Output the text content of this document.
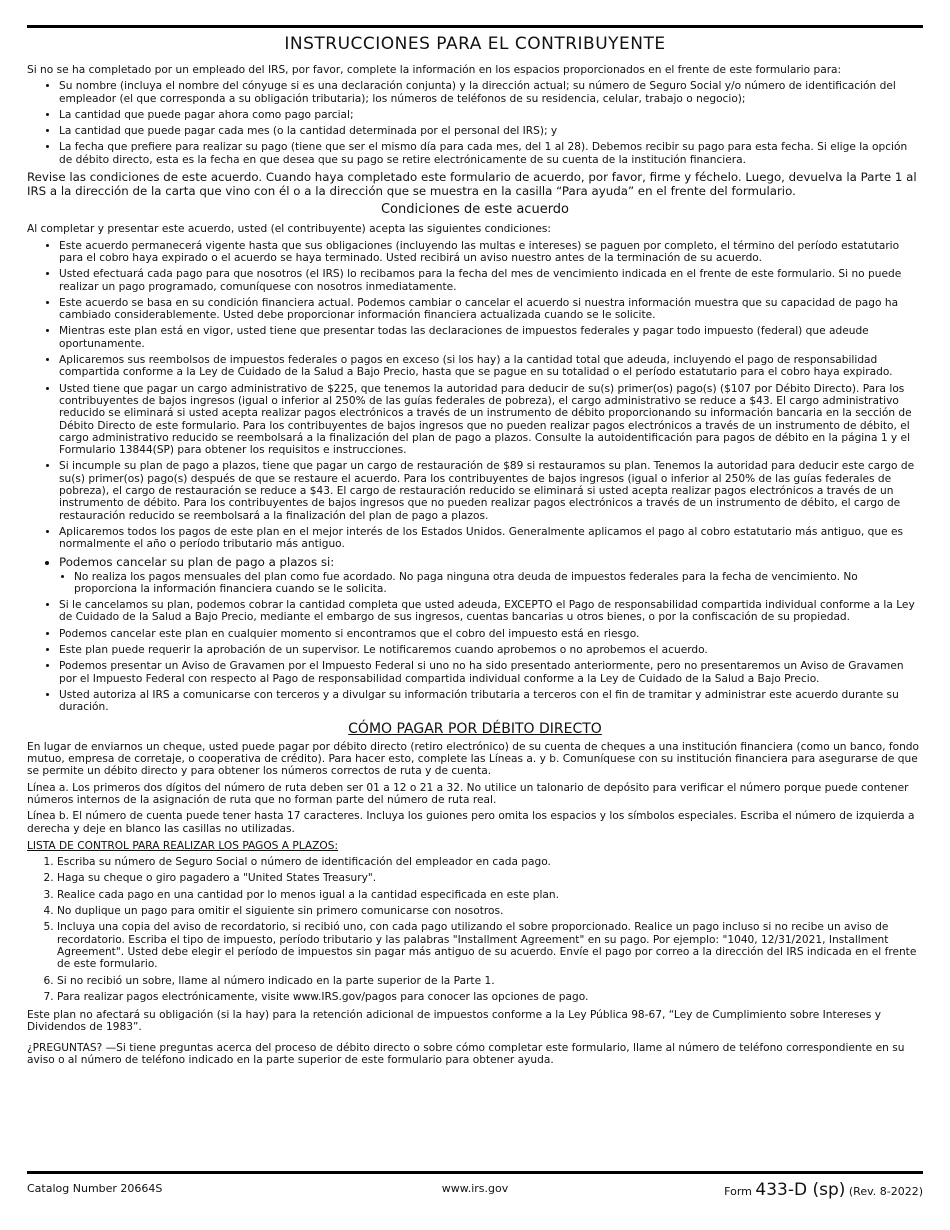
INSTRUCCIONES PARA EL CONTRIBUYENTE

Si no se ha completado por un empleado del IRS, por favor, complete la información en los espacios proporcionados en el frente de este formulario para:

• Su nombre (incluya el nombre del cónyuge si es una declaración conjunta) y la dirección actual; su número de Seguro Social y/o número de identificación del empleador (el que corresponda a su obligación tributaria); los números de teléfonos de su residencia, celular, trabajo o negocio);
• La cantidad que puede pagar ahora como pago parcial;
• La cantidad que puede pagar cada mes (o la cantidad determinada por el personal del IRS); y
• La fecha que prefiere para realizar su pago (tiene que ser el mismo día para cada mes, del 1 al 28). Debemos recibir su pago para esta fecha. Si elige la opción de débito directo, esta es la fecha en que desea que su pago se retire electrónicamente de su cuenta de la institución financiera.

Revise las condiciones de este acuerdo. Cuando haya completado este formulario de acuerdo, por favor, firme y féchelo. Luego, devuelva la Parte 1 al IRS a la dirección de la carta que vino con él o a la dirección que se muestra en la casilla “Para ayuda” en el frente del formulario.

Condiciones de este acuerdo

Al completar y presentar este acuerdo, usted (el contribuyente) acepta las siguientes condiciones:

• Este acuerdo permanecerá vigente hasta que sus obligaciones (incluyendo las multas e intereses) se paguen por completo, el término del período estatutario para el cobro haya expirado o el acuerdo se haya terminado. Usted recibirá un aviso nuestro antes de la terminación de su acuerdo.
• Usted efectuará cada pago para que nosotros (el IRS) lo recibamos para la fecha del mes de vencimiento indicada en el frente de este formulario. Si no puede realizar un pago programado, comuníquese con nosotros inmediatamente.
• Este acuerdo se basa en su condición financiera actual. Podemos cambiar o cancelar el acuerdo si nuestra información muestra que su capacidad de pago ha cambiado considerablemente. Usted debe proporcionar información financiera actualizada cuando se le solicite.
• Mientras este plan está en vigor, usted tiene que presentar todas las declaraciones de impuestos federales y pagar todo impuesto (federal) que adeude oportunamente.
• Aplicaremos sus reembolsos de impuestos federales o pagos en exceso (si los hay) a la cantidad total que adeuda, incluyendo el pago de responsabilidad compartida conforme a la Ley de Cuidado de la Salud a Bajo Precio, hasta que se pague en su totalidad o el período estatutario para el cobro haya expirado.
• Usted tiene que pagar un cargo administrativo de $225, que tenemos la autoridad para deducir de su(s) primer(os) pago(s) ($107 por Débito Directo). Para los contribuyentes de bajos ingresos (igual o inferior al 250% de las guías federales de pobreza), el cargo administrativo se reduce a $43. El cargo administrativo reducido se eliminará si usted acepta realizar pagos electrónicos a través de un instrumento de débito proporcionando su información bancaria en la sección de Débito Directo de este formulario. Para los contribuyentes de bajos ingresos que no pueden realizar pagos electrónicos a través de un instrumento de débito, el cargo administrativo reducido se reembolsará a la finalización del plan de pago a plazos. Consulte la autoidentificación para pagos de débito en la página 1 y el Formulario 13844(SP) para obtener los requisitos e instrucciones.
• Si incumple su plan de pago a plazos, tiene que pagar un cargo de restauración de $89 si restauramos su plan. Tenemos la autoridad para deducir este cargo de su(s) primer(os) pago(s) después de que se restaure el acuerdo. Para los contribuyentes de bajos ingresos (igual o inferior al 250% de las guías federales de pobreza), el cargo de restauración se reduce a $43. El cargo de restauración reducido se eliminará si usted acepta realizar pagos electrónicos a través de un instrumento de débito. Para los contribuyentes de bajos ingresos que no pueden realizar pagos electrónicos a través de un instrumento de débito, el cargo de restauración reducido se reembolsará a la finalización del plan de pago a plazos.
• Aplicaremos todos los pagos de este plan en el mejor interés de los Estados Unidos. Generalmente aplicamos el pago al cobro estatutario más antiguo, que es normalmente el año o período tributario más antiguo.
• Podemos cancelar su plan de pago a plazos si:
• No realiza los pagos mensuales del plan como fue acordado. No paga ninguna otra deuda de impuestos federales para la fecha de vencimiento. No proporciona la información financiera cuando se le solicita.
• Si le cancelamos su plan, podemos cobrar la cantidad completa que usted adeuda, EXCEPTO el Pago de responsabilidad compartida individual conforme a la Ley de Cuidado de la Salud a Bajo Precio, mediante el embargo de sus ingresos, cuentas bancarias u otros bienes, o por la confiscación de su propiedad.
• Podemos cancelar este plan en cualquier momento si encontramos que el cobro del impuesto está en riesgo.
• Este plan puede requerir la aprobación de un supervisor. Le notificaremos cuando aprobemos o no aprobemos el acuerdo.
• Podemos presentar un Aviso de Gravamen por el Impuesto Federal si uno no ha sido presentado anteriormente, pero no presentaremos un Aviso de Gravamen por el Impuesto Federal con respecto al Pago de responsabilidad compartida individual conforme a la Ley de Cuidado de la Salud a Bajo Precio.
• Usted autoriza al IRS a comunicarse con terceros y a divulgar su información tributaria a terceros con el fin de tramitar y administrar este acuerdo durante su duración.
CÓMO PAGAR POR DÉBITO DIRECTO

En lugar de enviarnos un cheque, usted puede pagar por débito directo (retiro electrónico) de su cuenta de cheques a una institución financiera (como un banco, fondo mutuo, empresa de corretaje, o cooperativa de crédito). Para hacer esto, complete las Líneas a. y b. Comuníquese con su institución financiera para asegurarse de que se permite un débito directo y para obtener los números correctos de ruta y de cuenta.

Línea a. Los primeros dos dígitos del número de ruta deben ser 01 a 12 o 21 a 32. No utilice un talonario de depósito para verificar el número porque puede contener números internos de la asignación de ruta que no forman parte del número de ruta real.

Línea b. El número de cuenta puede tener hasta 17 caracteres. Incluya los guiones pero omita los espacios y los símbolos especiales. Escriba el número de izquierda a derecha y deje en blanco las casillas no utilizadas.

LISTA DE CONTROL PARA REALIZAR LOS PAGOS A PLAZOS:
1. Escriba su número de Seguro Social o número de identificación del empleador en cada pago.
2. Haga su cheque o giro pagadero a "United States Treasury".
3. Realice cada pago en una cantidad por lo menos igual a la cantidad especificada en este plan.
4. No duplique un pago para omitir el siguiente sin primero comunicarse con nosotros.
5. Incluya una copia del aviso de recordatorio, si recibió uno, con cada pago utilizando el sobre proporcionado. Realice un pago incluso si no recibe un aviso de recordatorio. Escriba el tipo de impuesto, período tributario y las palabras "Installment Agreement" en su pago. Por ejemplo: "1040, 12/31/2021, Installment Agreement". Usted debe elegir el período de impuestos sin pagar más antiguo de su acuerdo. Envíe el pago por correo a la dirección del IRS indicada en el frente de este formulario.
6. Si no recibió un sobre, llame al número indicado en la parte superior de la Parte 1.
7. Para realizar pagos electrónicamente, visite www.IRS.gov/pagos para conocer las opciones de pago.

Este plan no afectará su obligación (si la hay) para la retención adicional de impuestos conforme a la Ley Pública 98-67, “Ley de Cumplimiento sobre Intereses y Dividendos de 1983”.

¿PREGUNTAS? —Si tiene preguntas acerca del proceso de débito directo o sobre cómo completar este formulario, llame al número de teléfono correspondiente en su aviso o al número de teléfono indicado en la parte superior de este formulario para obtener ayuda.

Catalog Number 20664S	www.irs.gov	Form 433-D (sp) (Rev. 8-2022)
